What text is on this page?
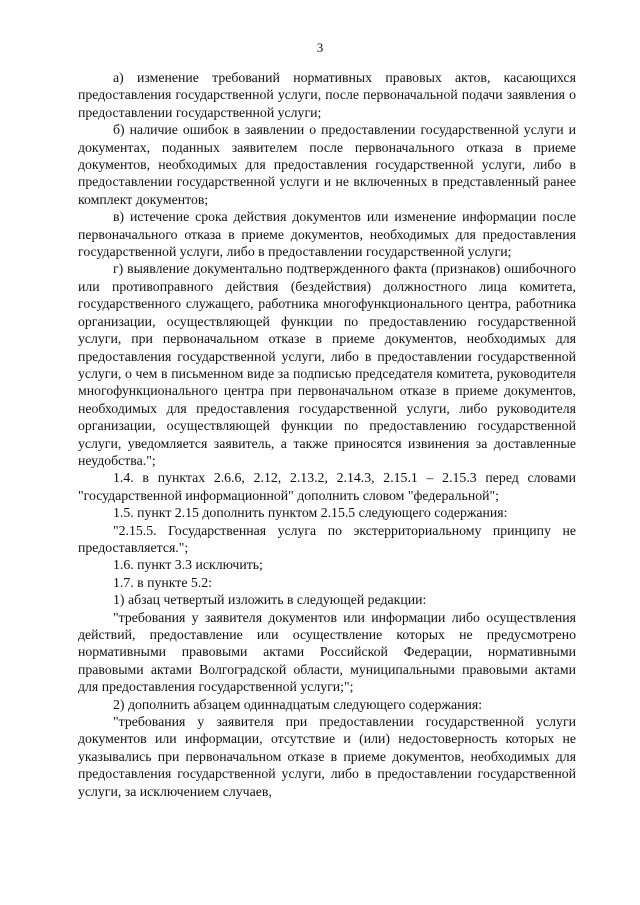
3

а) изменение требований нормативных правовых актов, касающихся предоставления государственной услуги, после первоначальной подачи заявления о предоставлении государственной услуги;

б) наличие ошибок в заявлении о предоставлении государственной услуги и документах, поданных заявителем после первоначального отказа в приеме документов, необходимых для предоставления государственной услуги, либо в предоставлении государственной услуги и не включенных в представленный ранее комплект документов;

в) истечение срока действия документов или изменение информации после первоначального отказа в приеме документов, необходимых для предоставления государственной услуги, либо в предоставлении государственной услуги;

г) выявление документально подтвержденного факта (признаков) ошибочного или противоправного действия (бездействия) должностного лица комитета, государственного служащего, работника многофункционального центра, работника организации, осуществляющей функции по предоставлению государственной услуги, при первоначальном отказе в приеме документов, необходимых для предоставления государственной услуги, либо в предоставлении государственной услуги, о чем в письменном виде за подписью председателя комитета, руководителя многофункционального центра при первоначальном отказе в приеме документов, необходимых для предоставления государственной услуги, либо руководителя организации, осуществляющей функции по предоставлению государственной услуги, уведомляется заявитель, а также приносятся извинения за доставленные неудобства.";

1.4. в пунктах 2.6.6, 2.12, 2.13.2, 2.14.3, 2.15.1 – 2.15.3 перед словами "государственной информационной" дополнить словом "федеральной";

1.5. пункт 2.15 дополнить пунктом 2.15.5 следующего содержания:

"2.15.5. Государственная услуга по экстерриториальному принципу не предоставляется.";

1.6. пункт 3.3 исключить;

1.7. в пункте 5.2:

1) абзац четвертый изложить в следующей редакции:

"требования у заявителя документов или информации либо осуществления действий, предоставление или осуществление которых не предусмотрено нормативными правовыми актами Российской Федерации, нормативными правовыми актами Волгоградской области, муниципальными правовыми актами для предоставления государственной услуги;";

2) дополнить абзацем одиннадцатым следующего содержания:

"требования у заявителя при предоставлении государственной услуги документов или информации, отсутствие и (или) недостоверность которых не указывались при первоначальном отказе в приеме документов, необходимых для предоставления государственной услуги, либо в предоставлении государственной услуги, за исключением случаев,
